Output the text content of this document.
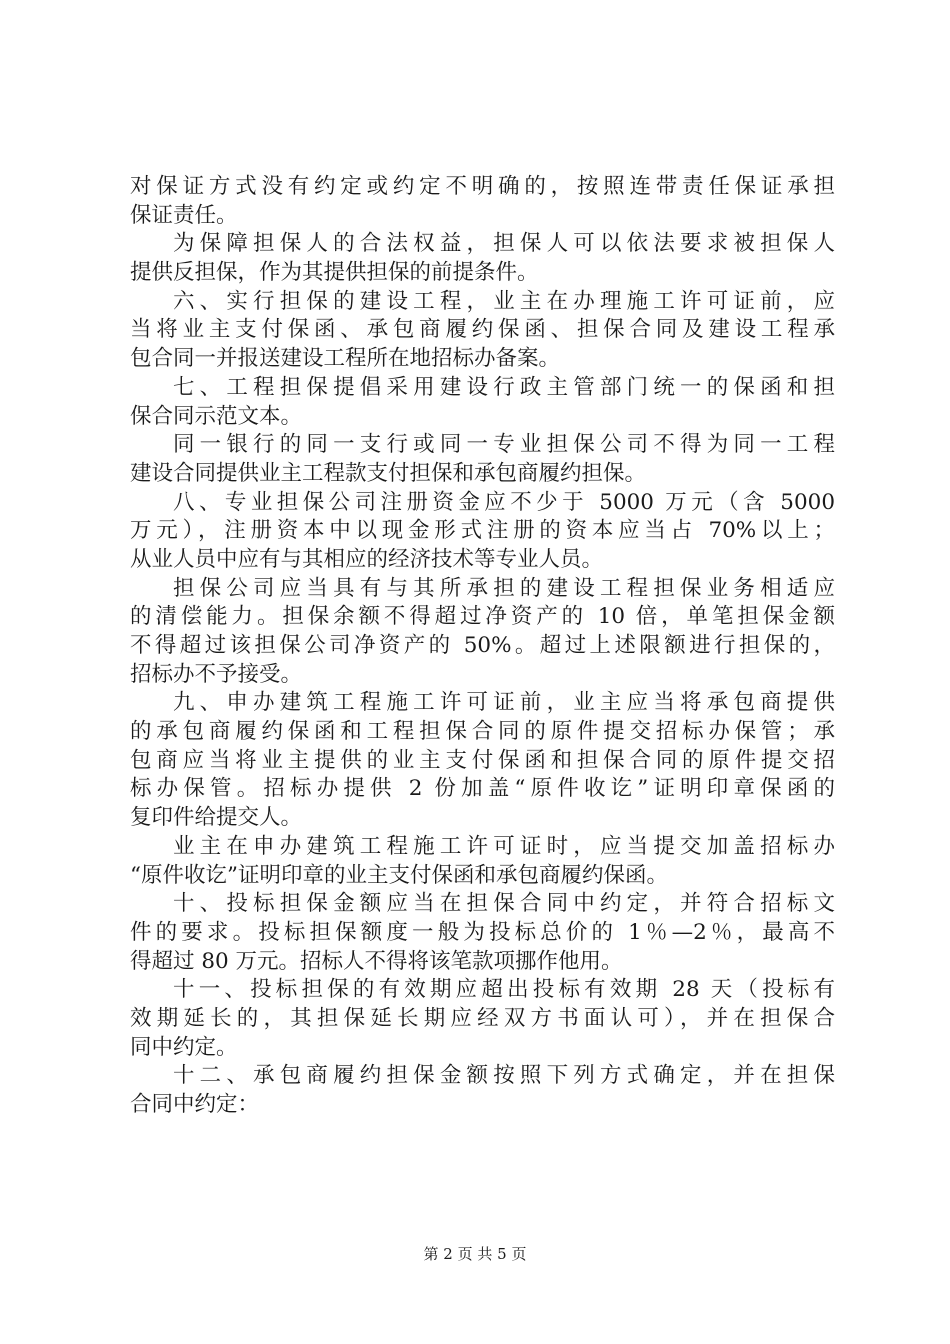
对保证方式没有约定或约定不明确的，按照连带责任保证承担
保证责任。
为保障担保人的合法权益，担保人可以依法要求被担保人
提供反担保，作为其提供担保的前提条件。
六、实行担保的建设工程，业主在办理施工许可证前，应
当将业主支付保函、承包商履约保函、担保合同及建设工程承
包合同一并报送建设工程所在地招标办备案。
七、工程担保提倡采用建设行政主管部门统一的保函和担
保合同示范文本。
同一银行的同一支行或同一专业担保公司不得为同一工程
建设合同提供业主工程款支付担保和承包商履约担保。
八、专业担保公司注册资金应不少于 5000 万元（含 5000
万元），注册资本中以现金形式注册的资本应当占 70%以上；
从业人员中应有与其相应的经济技术等专业人员。
担保公司应当具有与其所承担的建设工程担保业务相适应
的清偿能力。担保余额不得超过净资产的 10 倍，单笔担保金额
不得超过该担保公司净资产的 50%。超过上述限额进行担保的，
招标办不予接受。
九、申办建筑工程施工许可证前，业主应当将承包商提供
的承包商履约保函和工程担保合同的原件提交招标办保管；承
包商应当将业主提供的业主支付保函和担保合同的原件提交招
标办保管。招标办提供 2 份加盖“原件收讫”证明印章保函的
复印件给提交人。
业主在申办建筑工程施工许可证时，应当提交加盖招标办
“原件收讫”证明印章的业主支付保函和承包商履约保函。
十、投标担保金额应当在担保合同中约定，并符合招标文
件的要求。投标担保额度一般为投标总价的 1％—2％，最高不
得超过 80 万元。招标人不得将该笔款项挪作他用。
十一、投标担保的有效期应超出投标有效期 28 天（投标有
效期延长的，其担保延长期应经双方书面认可），并在担保合
同中约定。
十二、承包商履约担保金额按照下列方式确定，并在担保
合同中约定：
第 2 页 共 5 页
